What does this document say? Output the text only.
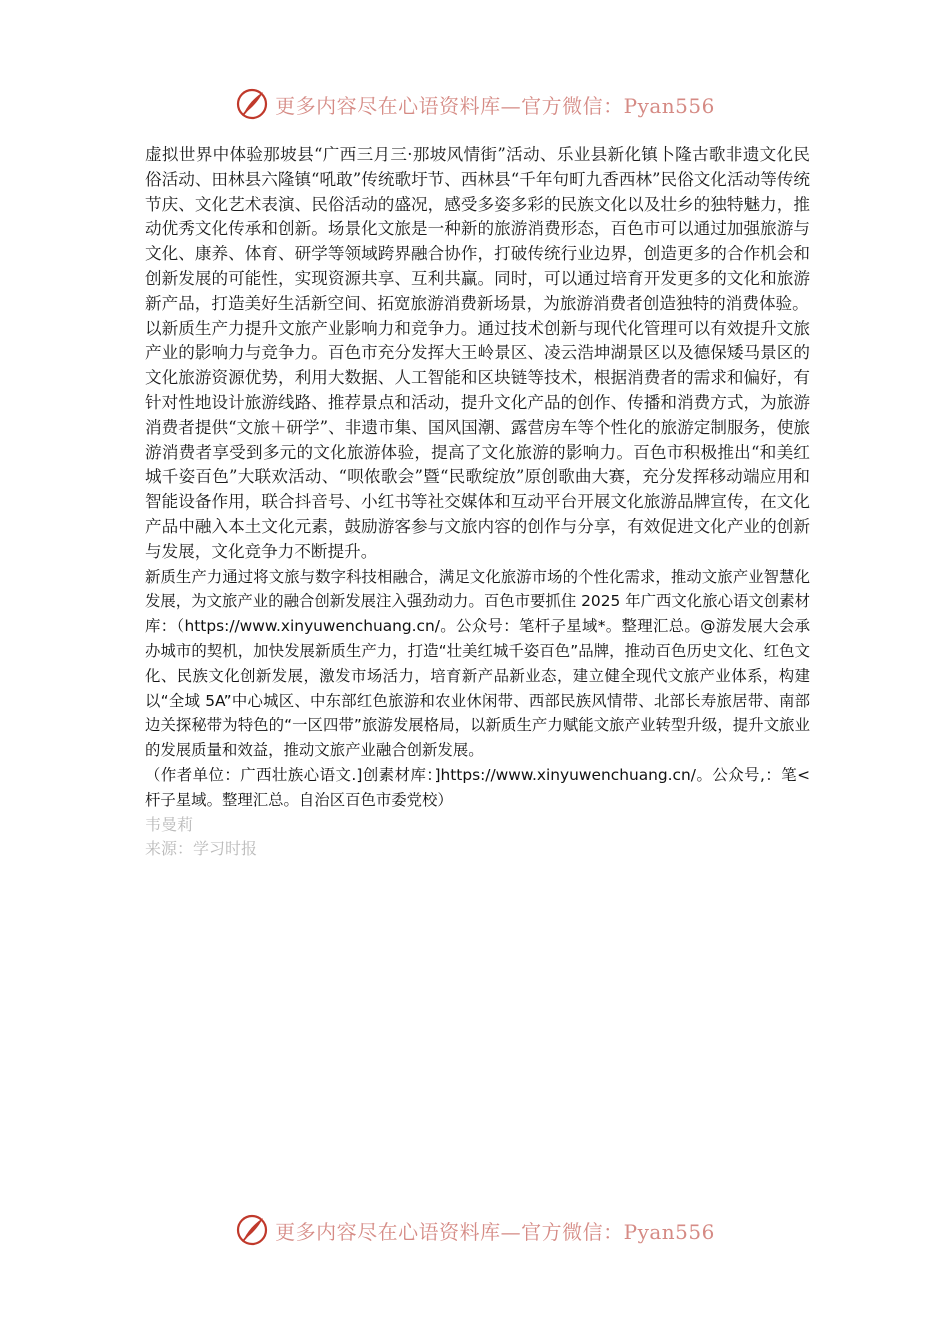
更多内容尽在心语资料库—官方微信：Pyan556

虚拟世界中体验那坡县“广西三月三·那坡风情街”活动、乐业县新化镇卜隆古歌非遗文化民俗活动、田林县六隆镇“吼敢”传统歌圩节、西林县“千年句町九香西林”民俗文化活动等传统节庆、文化艺术表演、民俗活动的盛况，感受多姿多彩的民族文化以及壮乡的独特魅力，推动优秀文化传承和创新。场景化文旅是一种新的旅游消费形态，百色市可以通过加强旅游与文化、康养、体育、研学等领域跨界融合协作，打破传统行业边界，创造更多的合作机会和创新发展的可能性，实现资源共享、互利共赢。同时，可以通过培育开发更多的文化和旅游新产品，打造美好生活新空间、拓宽旅游消费新场景，为旅游消费者创造独特的消费体验。

以新质生产力提升文旅产业影响力和竞争力。通过技术创新与现代化管理可以有效提升文旅产业的影响力与竞争力。百色市充分发挥大王岭景区、凌云浩坤湖景区以及德保矮马景区的文化旅游资源优势，利用大数据、人工智能和区块链等技术，根据消费者的需求和偏好，有针对性地设计旅游线路、推荐景点和活动，提升文化产品的创作、传播和消费方式，为旅游消费者提供“文旅＋研学”、非遗市集、国风国潮、露营房车等个性化的旅游定制服务，使旅游消费者享受到多元的文化旅游体验，提高了文化旅游的影响力。百色市积极推出“和美红城千姿百色”大联欢活动、“呗侬歌会”暨“民歌绽放”原创歌曲大赛，充分发挥移动端应用和智能设备作用，联合抖音号、小红书等社交媒体和互动平台开展文化旅游品牌宣传，在文化产品中融入本土文化元素，鼓励游客参与文旅内容的创作与分享，有效促进文化产业的创新与发展，文化竞争力不断提升。

新质生产力通过将文旅与数字科技相融合，满足文化旅游市场的个性化需求，推动文旅产业智慧化发展，为文旅产业的融合创新发展注入强劲动力。百色市要抓住 2025 年广西文化旅心语文创素材库：（https://www.xinyuwenchuang.cn/。公众号：笔杆子星域*。整理汇总。@游发展大会承办城市的契机，加快发展新质生产力，打造“壮美红城千姿百色”品牌，推动百色历史文化、红色文化、民族文化创新发展，激发市场活力，培育新产品新业态，建立健全现代文旅产业体系，构建以“全域 5A”中心城区、中东部红色旅游和农业休闲带、西部民族风情带、北部长寿旅居带、南部边关探秘带为特色的“一区四带”旅游发展格局，以新质生产力赋能文旅产业转型升级，提升文旅业的发展质量和效益，推动文旅产业融合创新发展。

（作者单位：广西壮族心语文.]创素材库：]https://www.xinyuwenchuang.cn/。公众号,：笔<杆子星域。整理汇总。自治区百色市委党校）

韦曼莉

来源：学习时报

更多内容尽在心语资料库—官方微信：Pyan556
